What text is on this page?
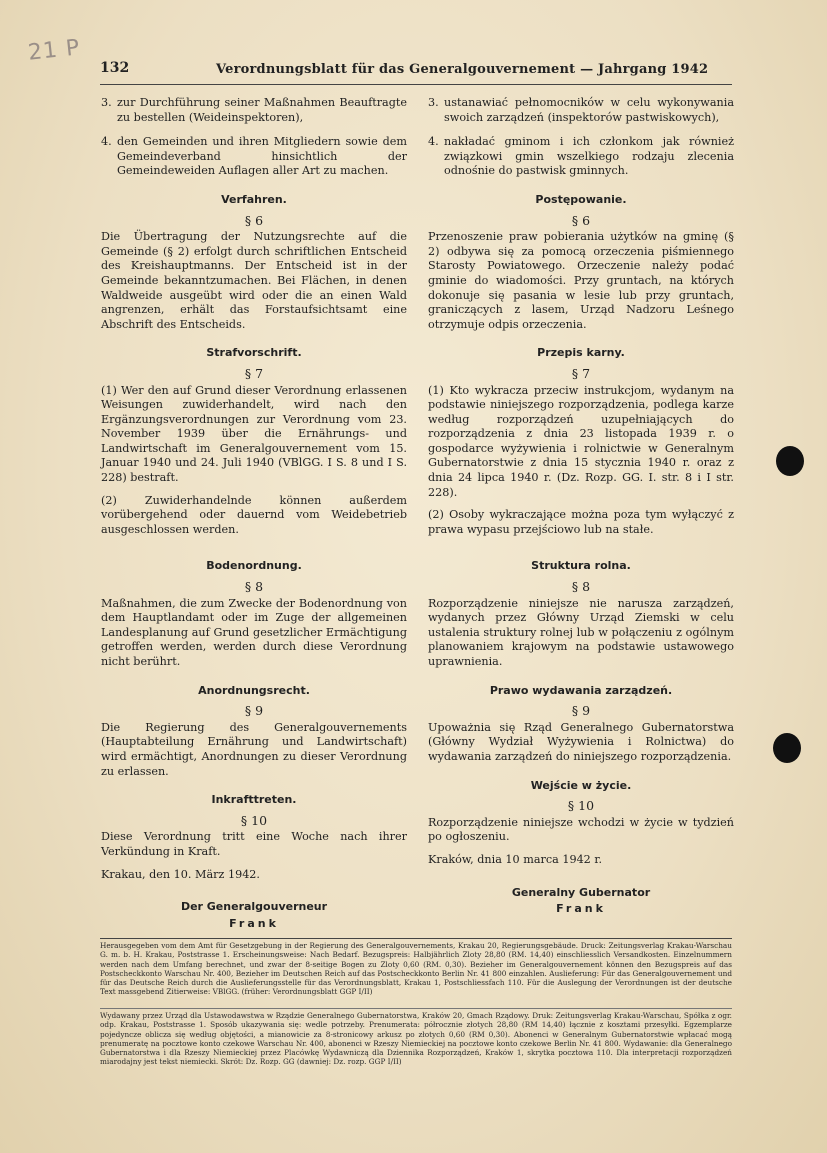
21 P
132	Verordnungsblatt für das Generalgouvernement — Jahrgang 1942
3. zur Durchführung seiner Maßnahmen Beauftragte zu bestellen (Weideinspektoren),
4. den Gemeinden und ihren Mitgliedern sowie dem Gemeindeverband hinsichtlich der Gemeindeweiden Auflagen aller Art zu machen.
Verfahren.
§ 6

Die Übertragung der Nutzungsrechte auf die Gemeinde (§ 2) erfolgt durch schriftlichen Entscheid des Kreishauptmanns. Der Entscheid ist in der Gemeinde bekanntzumachen. Bei Flächen, in denen Waldweide ausgeübt wird oder die an einen Wald angrenzen, erhält das Forstaufsichtsamt eine Abschrift des Entscheids.

Strafvorschrift.
§ 7

(1) Wer den auf Grund dieser Verordnung erlassenen Weisungen zuwiderhandelt, wird nach den Ergänzungsverordnungen zur Verordnung vom 23. November 1939 über die Ernährungs- und Landwirtschaft im Generalgouvernement vom 15. Januar 1940 und 24. Juli 1940 (VBlGG. I S. 8 und I S. 228) bestraft.

(2) Zuwiderhandelnde können außerdem vorübergehend oder dauernd vom Weidebetrieb ausgeschlossen werden.

Bodenordnung.
§ 8

Maßnahmen, die zum Zwecke der Bodenordnung von dem Hauptlandamt oder im Zuge der allgemeinen Landesplanung auf Grund gesetzlicher Ermächtigung getroffen werden, werden durch diese Verordnung nicht berührt.

Anordnungsrecht.
§ 9

Die Regierung des Generalgouvernements (Hauptabteilung Ernährung und Landwirtschaft) wird ermächtigt, Anordnungen zu dieser Verordnung zu erlassen.

Inkrafttreten.
§ 10

Diese Verordnung tritt eine Woche nach ihrer Verkündung in Kraft.

Krakau, den 10. März 1942.

Der Generalgouverneur
Frank
3. ustanawiać pełnomocników w celu wykonywania swoich zarządzeń (inspektorów pastwiskowych),
4. nakładać gminom i ich członkom jak również związkowi gmin wszelkiego rodzaju zlecenia odnośnie do pastwisk gminnych.
Postępowanie.
§ 6

Przenoszenie praw pobierania użytków na gminę (§ 2) odbywa się za pomocą orzeczenia piśmiennego Starosty Powiatowego. Orzeczenie należy podać gminie do wiadomości. Przy gruntach, na których dokonuje się pasania w lesie lub przy gruntach, graniczących z lasem, Urząd Nadzoru Leśnego otrzymuje odpis orzeczenia.

Przepis karny.
§ 7

(1) Kto wykracza przeciw instrukcjom, wydanym na podstawie niniejszego rozporządzenia, podlega karze według rozporządzeń uzupełniających do rozporządzenia z dnia 23 listopada 1939 r. o gospodarce wyżywienia i rolnictwie w Generalnym Gubernatorstwie z dnia 15 stycznia 1940 r. oraz z dnia 24 lipca 1940 r. (Dz. Rozp. GG. I. str. 8 i I str. 228).

(2) Osoby wykraczające można poza tym wyłączyć z prawa wypasu przejściowo lub na stałe.

Struktura rolna.
§ 8

Rozporządzenie niniejsze nie narusza zarządzeń, wydanych przez Główny Urząd Ziemski w celu ustalenia struktury rolnej lub w połączeniu z ogólnym planowaniem krajowym na podstawie ustawowego uprawnienia.

Prawo wydawania zarządzeń.
§ 9

Upoważnia się Rząd Generalnego Gubernatorstwa (Główny Wydział Wyżywienia i Rolnictwa) do wydawania zarządzeń do niniejszego rozporządzenia.

Wejście w życie.
§ 10

Rozporządzenie niniejsze wchodzi w życie w tydzień po ogłoszeniu.

Kraków, dnia 10 marca 1942 r.

Generalny Gubernator
Frank
Herausgegeben vom dem Amt für Gesetzgebung in der Regierung des Generalgouvernements, Krakau 20, Regierungsgebäude. Druck: Zeitungsverlag Krakau-Warschau G. m. b. H. Krakau, Poststrasse 1. Erscheinungsweise: Nach Bedarf. Bezugspreis: Halbjährlich Zloty 28,80 (RM. 14,40) einschliesslich Versandkosten. Einzelnummern werden nach dem Umfang berechnet, und zwar der 8-seitige Bogen zu Zloty 0,60 (RM. 0,30). Bezieher im Generalgouvernement können den Bezugspreis auf das Postscheckkonto Warschau Nr. 400, Bezieher im Deutschen Reich auf das Postscheckkonto Berlin Nr. 41 800 einzahlen. Auslieferung: Für das Generalgouvernement und für das Deutsche Reich durch die Auslieferungsstelle für das Verordnungsblatt, Krakau 1, Postschliessfach 110. Für die Auslegung der Verordnungen ist der deutsche Text massgebend Zitierweise: VBlGG. (früher: Verordnungsblatt GGP I/II)
Wydawany przez Urząd dla Ustawodawstwa w Rządzie Generalnego Gubernatorstwa, Kraków 20, Gmach Rządowy. Druk: Zeitungsverlag Krakau-Warschau, Spółka z ogr. odp. Krakau, Poststrasse 1. Sposób ukazywania się: wedle potrzeby. Prenumerata: półrocznie złotych 28,80 (RM 14,40) łącznie z kosztami przesyłki. Egzemplarze pojedyncze oblicza się według objętości, a mianowicie za 8-stronicowy arkusz po złotych 0,60 (RM 0,30). Abonenci w Generalnym Gubernatorstwie wpłacać mogą prenumeratę na pocztowe konto czekowe Warschau Nr. 400, abonenci w Rzeszy Niemieckiej na pocztowe konto czekowe Berlin Nr. 41 800. Wydawanie: dla Generalnego Gubernatorstwa i dla Rzeszy Niemieckiej przez Placówkę Wydawniczą dla Dziennika Rozporządzeń, Kraków 1, skrytka pocztowa 110. Dla interpretacji rozporządzeń miarodajny jest tekst niemiecki. Skrót: Dz. Rozp. GG (dawniej: Dz. rozp. GGP I/II)
